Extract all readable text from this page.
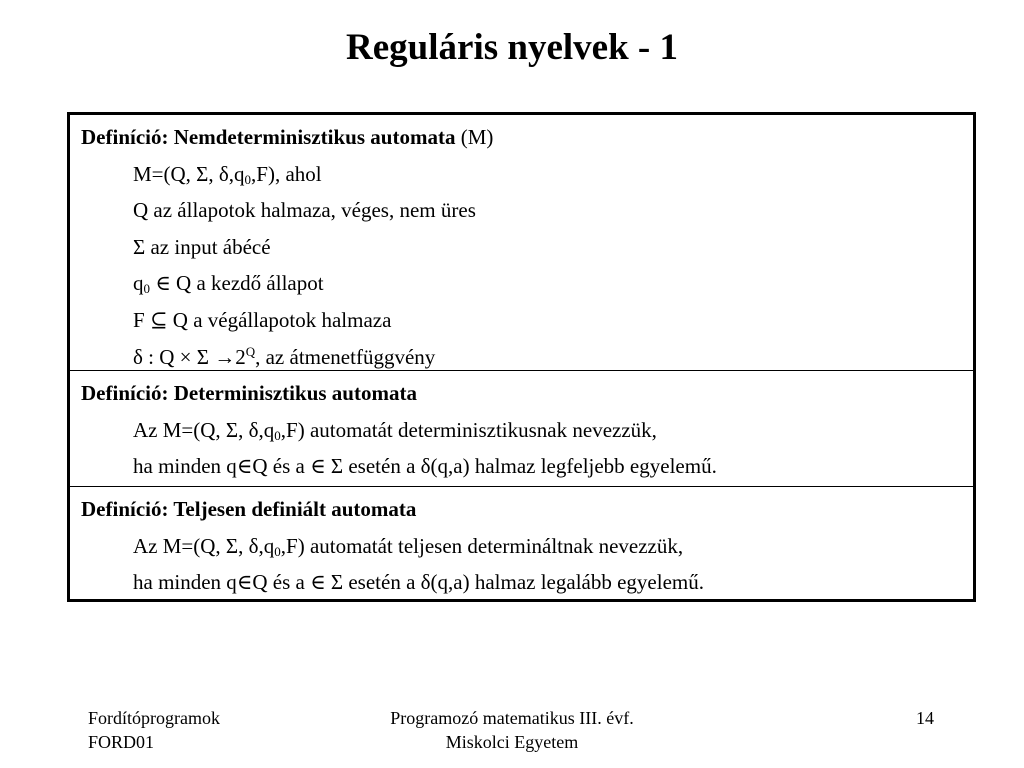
Reguláris nyelvek - 1
Definíció: Nemdeterminisztikus automata (M)
M=(Q, Σ, $\delta,q_0,F$), ahol
Q az állapotok halmaza, véges, nem üres
Σ az input ábécé
$q_0$ ∈ Q a kezdő állapot
F ⊆ Q a végállapotok halmaza
δ : $Q \times \Sigma \to 2^Q$, az átmenetfüggvény
Definíció: Determinisztikus automata
Az M=(Q, Σ, $\delta,q_0,F$) automatát determinisztikusnak nevezzük,
ha minden q∈Q és a ∈ Σ esetén a δ(q,a) halmaz legfeljebb egyelemű.
Definíció: Teljesen definiált automata
Az M=(Q, Σ, $\delta,q_0,F$) automatát teljesen determináltnak nevezzük,
ha minden q∈Q és a ∈ Σ esetén a δ(q,a) halmaz legalább egyelemű.
Fordítóprogramok
FORD01
Programozó matematikus III. évf.
Miskolci Egyetem
14
